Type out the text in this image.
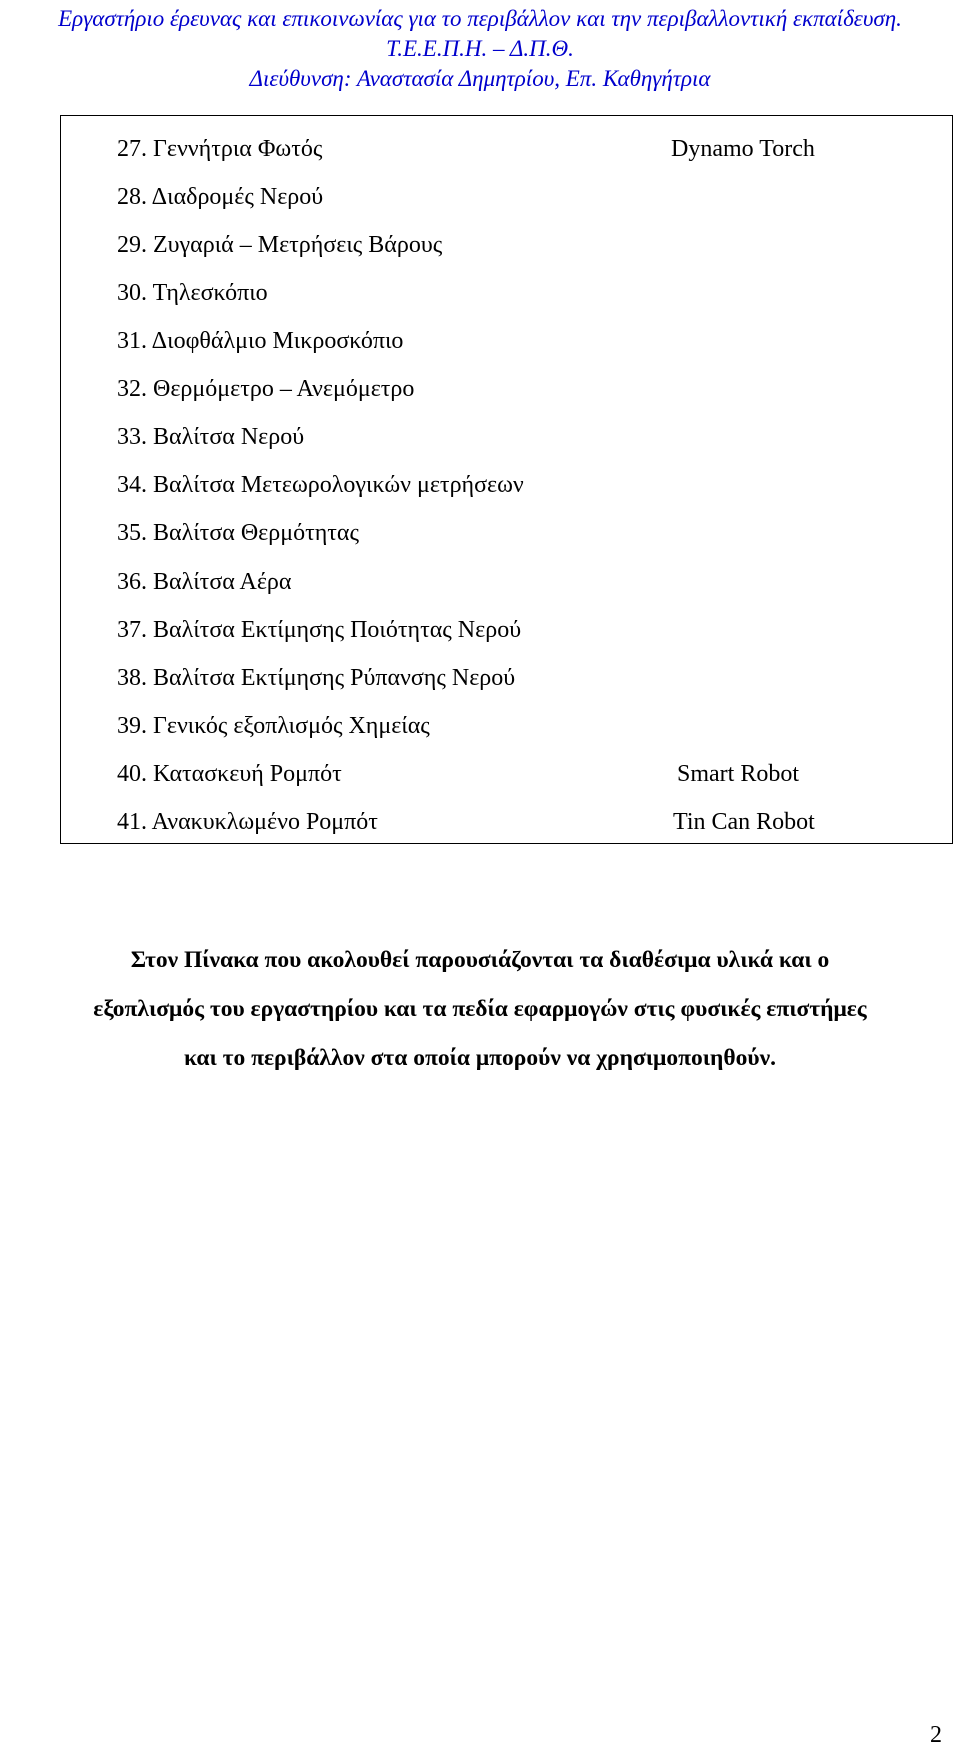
Εργαστήριο έρευνας και επικοινωνίας για το περιβάλλον και την περιβαλλοντική εκπαίδευση.
Τ.Ε.Ε.Π.Η. – Δ.Π.Θ.
Διεύθυνση: Αναστασία Δημητρίου, Επ. Καθηγήτρια
27. Γεννήτρια Φωτός	Dynamo Torch
28. Διαδρομές Νερού
29. Ζυγαριά – Μετρήσεις Βάρους
30. Τηλεσκόπιο
31. Διοφθάλμιο Μικροσκόπιο
32. Θερμόμετρο – Ανεμόμετρο
33. Βαλίτσα Νερού
34. Βαλίτσα Μετεωρολογικών μετρήσεων
35. Βαλίτσα Θερμότητας
36. Βαλίτσα Αέρα
37. Βαλίτσα Εκτίμησης Ποιότητας Νερού
38. Βαλίτσα Εκτίμησης Ρύπανσης Νερού
39. Γενικός εξοπλισμός Χημείας
40. Κατασκευή Ρομπότ	Smart Robot
41. Ανακυκλωμένο Ρομπότ	Tin Can Robot
Στον Πίνακα που ακολουθεί παρουσιάζονται τα διαθέσιμα υλικά και ο
εξοπλισμός του εργαστηρίου και τα πεδία εφαρμογών στις φυσικές επιστήμες
και το περιβάλλον στα οποία μπορούν να χρησιμοποιηθούν.
2
